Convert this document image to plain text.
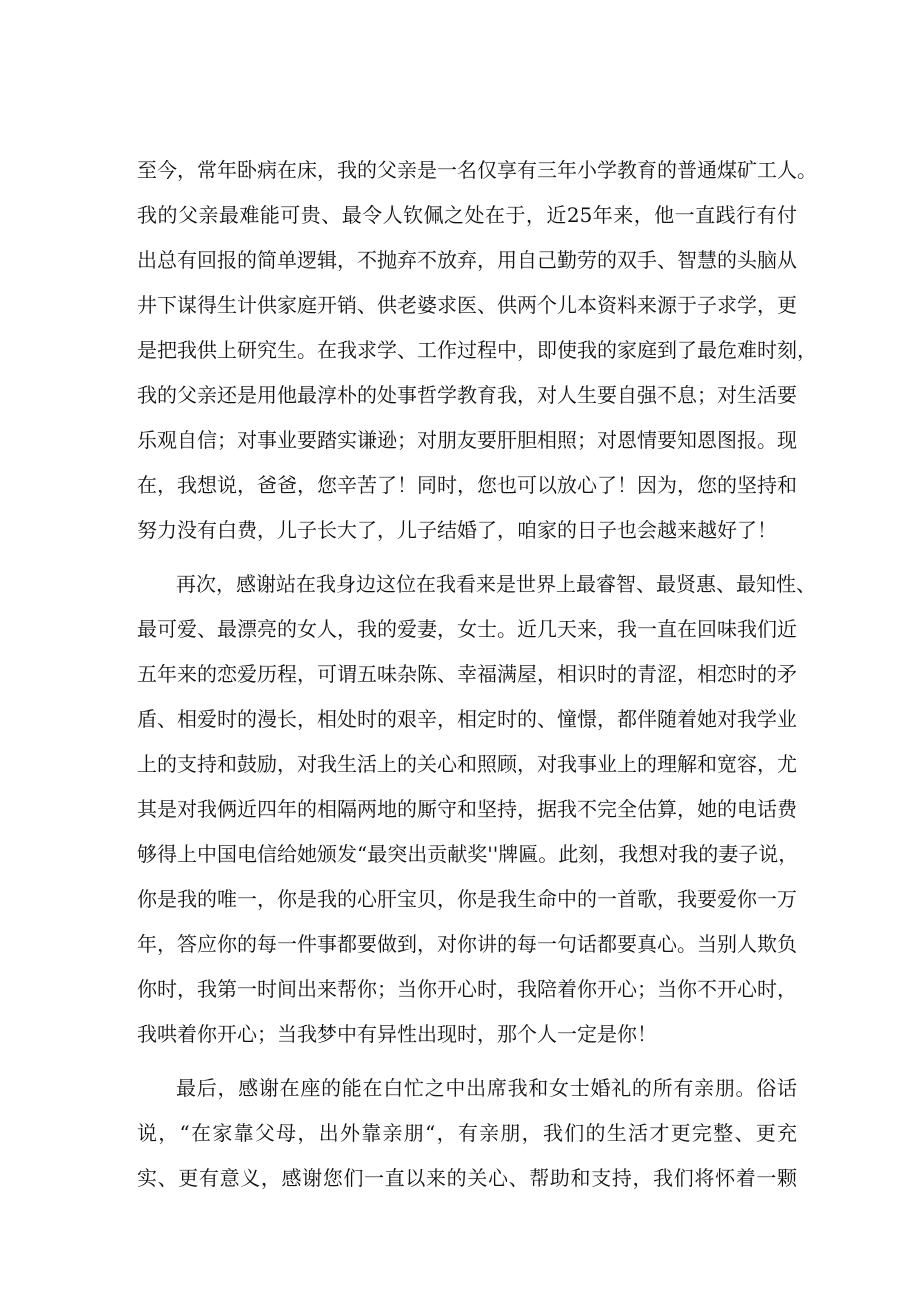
至今，常年卧病在床，我的父亲是一名仅享有三年小学教育的普通煤矿工人。
我的父亲最难能可贵、最令人钦佩之处在于，近25年来，他一直践行有付
出总有回报的简单逻辑，不抛弃不放弃，用自己勤劳的双手、智慧的头脑从
井下谋得生计供家庭开销、供老婆求医、供两个儿本资料来源于子求学，更
是把我供上研究生。在我求学、工作过程中，即使我的家庭到了最危难时刻，
我的父亲还是用他最淳朴的处事哲学教育我，对人生要自强不息；对生活要
乐观自信；对事业要踏实谦逊；对朋友要肝胆相照；对恩情要知恩图报。现
在，我想说，爸爸，您辛苦了！同时，您也可以放心了！因为，您的坚持和
努力没有白费，儿子长大了，儿子结婚了，咱家的日子也会越来越好了！
再次，感谢站在我身边这位在我看来是世界上最睿智、最贤惠、最知性、
最可爱、最漂亮的女人，我的爱妻，女士。近几天来，我一直在回味我们近
五年来的恋爱历程，可谓五味杂陈、幸福满屋，相识时的青涩，相恋时的矛
盾、相爱时的漫长，相处时的艰辛，相定时的、憧憬，都伴随着她对我学业
上的支持和鼓励，对我生活上的关心和照顾，对我事业上的理解和宽容，尤
其是对我俩近四年的相隔两地的厮守和坚持，据我不完全估算，她的电话费
够得上中国电信给她颁发“最突出贡献奖''牌匾。此刻，我想对我的妻子说，
你是我的唯一，你是我的心肝宝贝，你是我生命中的一首歌，我要爱你一万
年，答应你的每一件事都要做到，对你讲的每一句话都要真心。当别人欺负
你时，我第一时间出来帮你；当你开心时，我陪着你开心；当你不开心时，
我哄着你开心；当我梦中有异性出现时，那个人一定是你！
最后，感谢在座的能在白忙之中出席我和女士婚礼的所有亲朋。俗话
说，“在家靠父母，出外靠亲朋“，有亲朋，我们的生活才更完整、更充
实、更有意义，感谢您们一直以来的关心、帮助和支持，我们将怀着一颗
